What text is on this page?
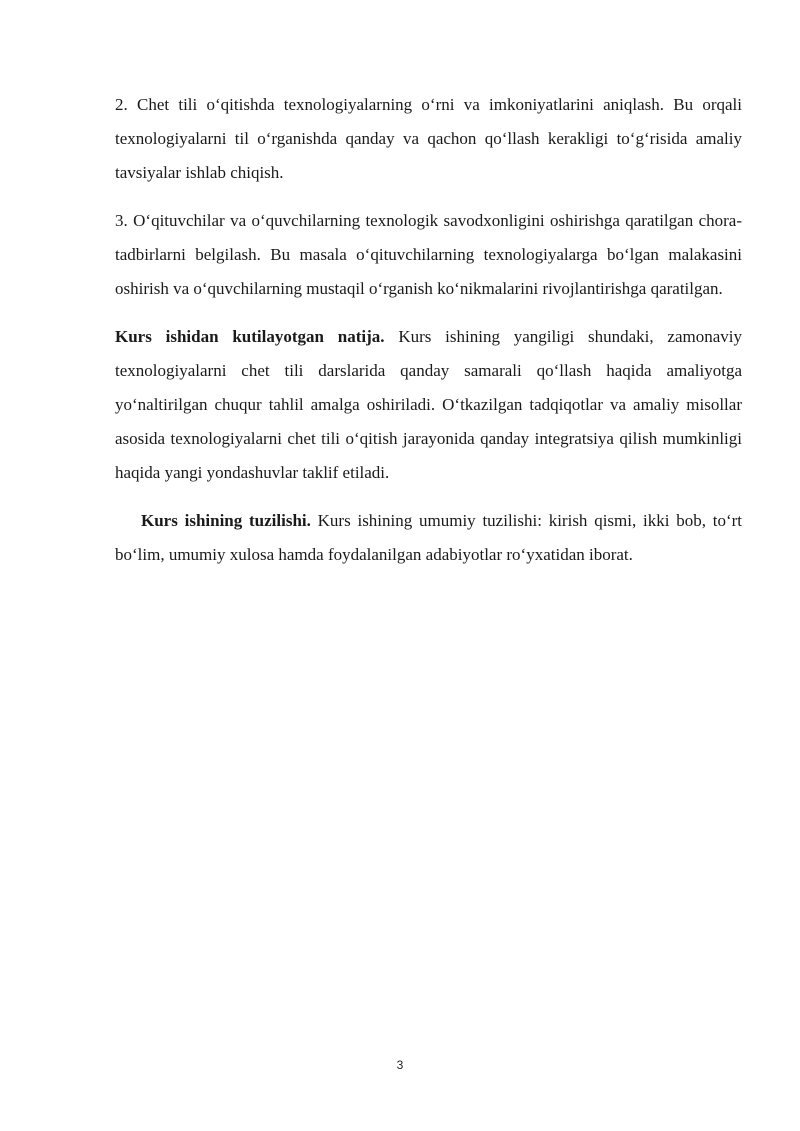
2. Chet tili o‘qitishda texnologiyalarning o‘rni va imkoniyatlarini aniqlash. Bu orqali texnologiyalarni til o‘rganishda qanday va qachon qo‘llash kerakligi to‘g‘risida amaliy tavsiyalar ishlab chiqish.

3. O‘qituvchilar va o‘quvchilarning texnologik savodxonligini oshirishga qaratilgan chora-tadbirlarni belgilash. Bu masala o‘qituvchilarning texnologiyalarga bo‘lgan malakasini oshirish va o‘quvchilarning mustaqil o‘rganish ko‘nikmalarini rivojlantirishga qaratilgan.

Kurs ishidan kutilayotgan natija. Kurs ishining yangiligi shundaki, zamonaviy texnologiyalarni chet tili darslarida qanday samarali qo‘llash haqida amaliyotga yo‘naltirilgan chuqur tahlil amalga oshiriladi. O‘tkazilgan tadqiqotlar va amaliy misollar asosida texnologiyalarni chet tili o‘qitish jarayonida qanday integratsiya qilish mumkinligi haqida yangi yondashuvlar taklif etiladi.

Kurs ishining tuzilishi. Kurs ishining umumiy tuzilishi: kirish qismi, ikki bob, to‘rt bo‘lim, umumiy xulosa hamda foydalanilgan adabiyotlar ro‘yxatidan iborat.

3
